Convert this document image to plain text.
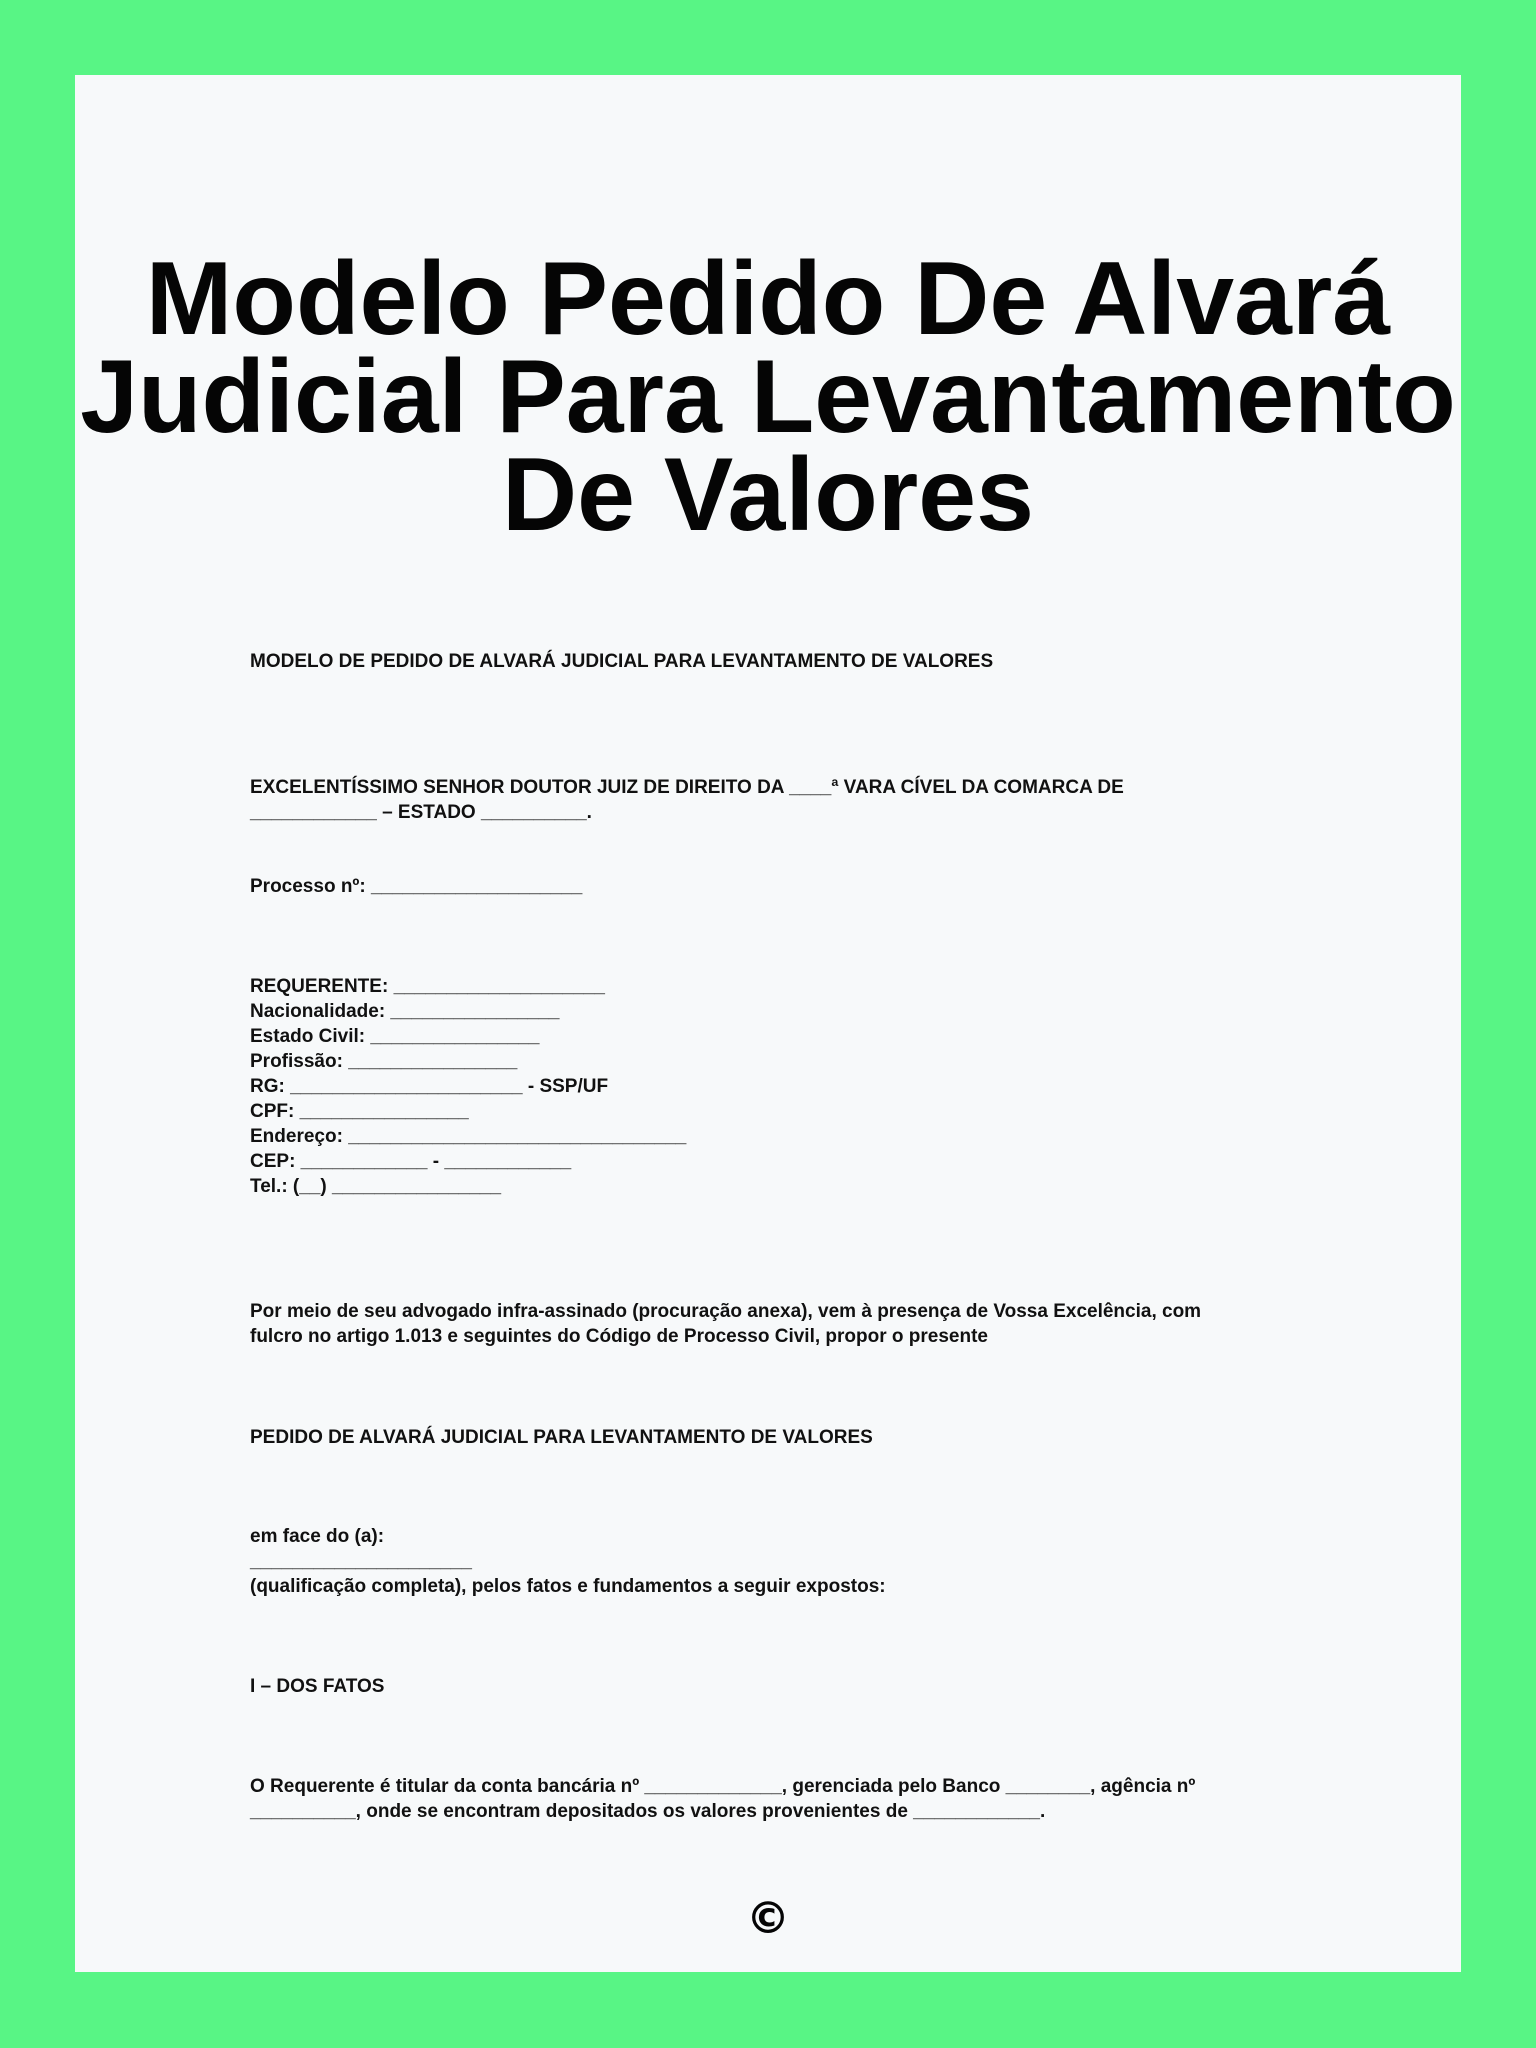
Modelo Pedido De Alvará
Judicial Para Levantamento
De Valores

MODELO DE PEDIDO DE ALVARÁ JUDICIAL PARA LEVANTAMENTO DE VALORES

EXCELENTÍSSIMO SENHOR DOUTOR JUIZ DE DIREITO DA ____ª VARA CÍVEL DA COMARCA DE
____________ – ESTADO __________.

Processo nº: ____________________

REQUERENTE: ____________________
Nacionalidade: ________________
Estado Civil: ________________
Profissão: ________________
RG: ______________________ - SSP/UF
CPF: ________________
Endereço: ________________________________
CEP: ____________ - ____________
Tel.: (__) ________________

Por meio de seu advogado infra-assinado (procuração anexa), vem à presença de Vossa Excelência, com
fulcro no artigo 1.013 e seguintes do Código de Processo Civil, propor o presente

PEDIDO DE ALVARÁ JUDICIAL PARA LEVANTAMENTO DE VALORES

em face do (a):
_____________________
(qualificação completa), pelos fatos e fundamentos a seguir expostos:

I – DOS FATOS

O Requerente é titular da conta bancária nº _____________, gerenciada pelo Banco ________, agência nº
__________, onde se encontram depositados os valores provenientes de ____________.

©
